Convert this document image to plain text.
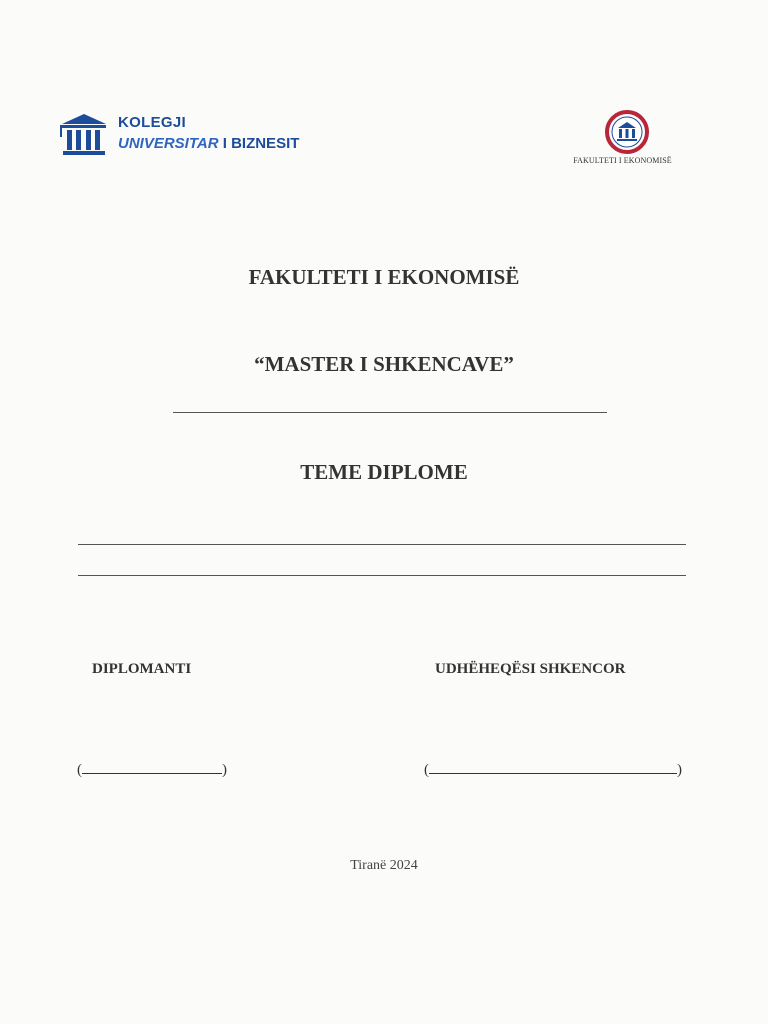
KOLEGJI
UNIVERSITAR I BIZNESIT
FAKULTETI I EKONOMISË
FAKULTETI I EKONOMISË
“MASTER I SHKENCAVE”
TEME DIPLOME
DIPLOMANTI	UDHËHEQËSI SHKENCOR
(	)	(	)
Tiranë 2024
